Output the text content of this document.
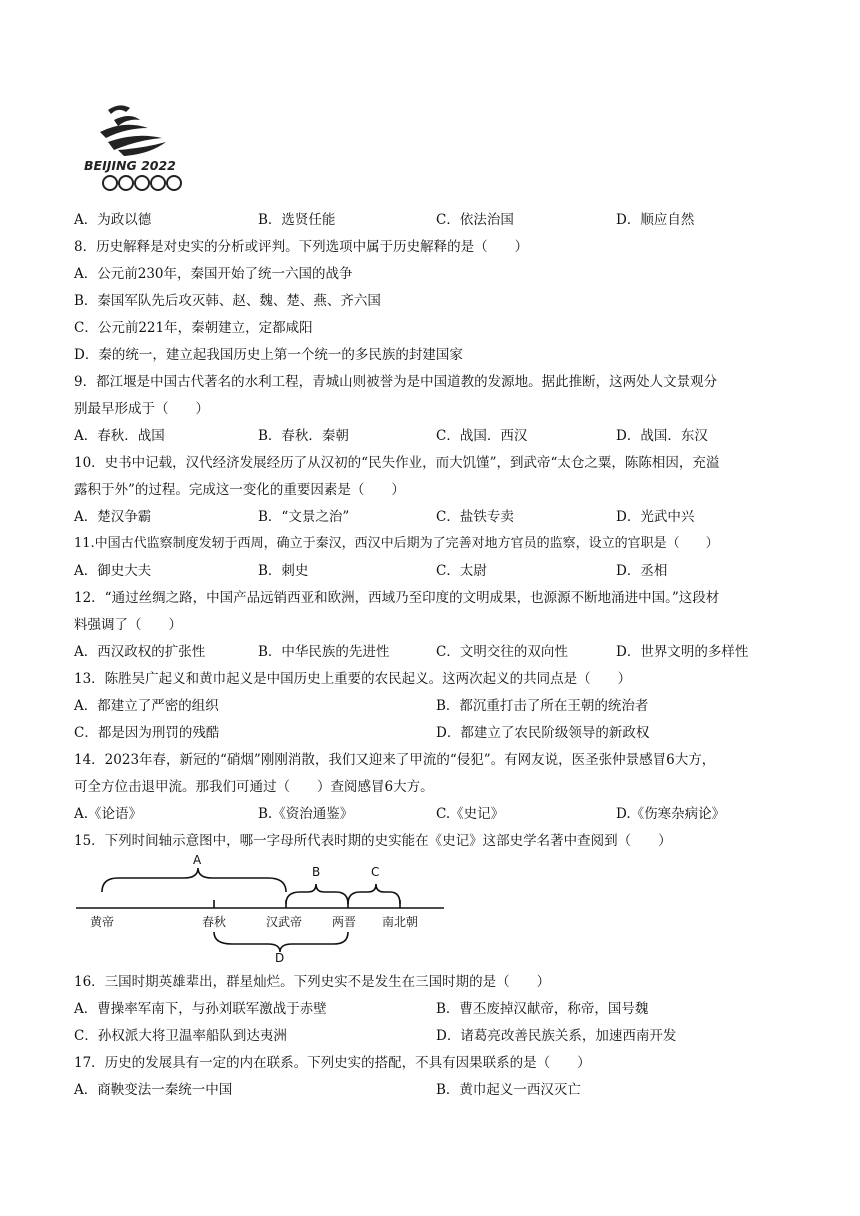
BEIJING 2022
A．为政以德	B．选贤任能	C．依法治国	D．顺应自然
8．历史解释是对史实的分析或评判。下列选项中属于历史解释的是（　　）
A．公元前230年，秦国开始了统一六国的战争
B．秦国军队先后攻灭韩、赵、魏、楚、燕、齐六国
C．公元前221年，秦朝建立，定都咸阳
D．秦的统一，建立起我国历史上第一个统一的多民族的封建国家
9．都江堰是中国古代著名的水利工程，青城山则被誉为是中国道教的发源地。据此推断，这两处人文景观分
别最早形成于（　　）
A．春秋．战国	B．春秋．秦朝	C．战国．西汉	D．战国．东汉
10．史书中记载，汉代经济发展经历了从汉初的“民失作业，而大饥馑”，到武帝“太仓之粟，陈陈相因，充溢
露积于外”的过程。完成这一变化的重要因素是（　　）
A．楚汉争霸	B．“文景之治”	C．盐铁专卖	D．光武中兴
11.中国古代监察制度发轫于西周，确立于秦汉，西汉中后期为了完善对地方官员的监察，设立的官职是（　　）
A．御史大夫	B．刺史	C．太尉	D．丞相
12．“通过丝绸之路，中国产品远销西亚和欧洲，西域乃至印度的文明成果，也源源不断地涌进中国。”这段材
料强调了（　　）
A．西汉政权的扩张性	B．中华民族的先进性	C．文明交往的双向性	D．世界文明的多样性
13．陈胜吴广起义和黄巾起义是中国历史上重要的农民起义。这两次起义的共同点是（　　）
A．都建立了严密的组织	B．都沉重打击了所在王朝的统治者
C．都是因为刑罚的残酷	D．都建立了农民阶级领导的新政权
14．2023年春，新冠的“硝烟”刚刚消散，我们又迎来了甲流的“侵犯”。有网友说，医圣张仲景感冒6大方，
可全方位击退甲流。那我们可通过（　　）查阅感冒6大方。
A.《论语》	B.《资治通鉴》	C.《史记》	D.《伤寒杂病论》
15．下列时间轴示意图中，哪一字母所代表时期的史实能在《史记》这部史学名著中查阅到（　　）
A
B	C
黄帝	春秋	汉武帝 两晋 南北朝
D
16．三国时期英雄辈出，群星灿烂。下列史实不是发生在三国时期的是（　　）
A．曹操率军南下，与孙刘联军激战于赤壁	B．曹丕废掉汉献帝，称帝，国号魏
C．孙权派大将卫温率船队到达夷洲	D．诸葛亮改善民族关系，加速西南开发
17．历史的发展具有一定的内在联系。下列史实的搭配，不具有因果联系的是（　　）
A．商鞅变法一秦统一中国	B．黄巾起义一西汉灭亡
